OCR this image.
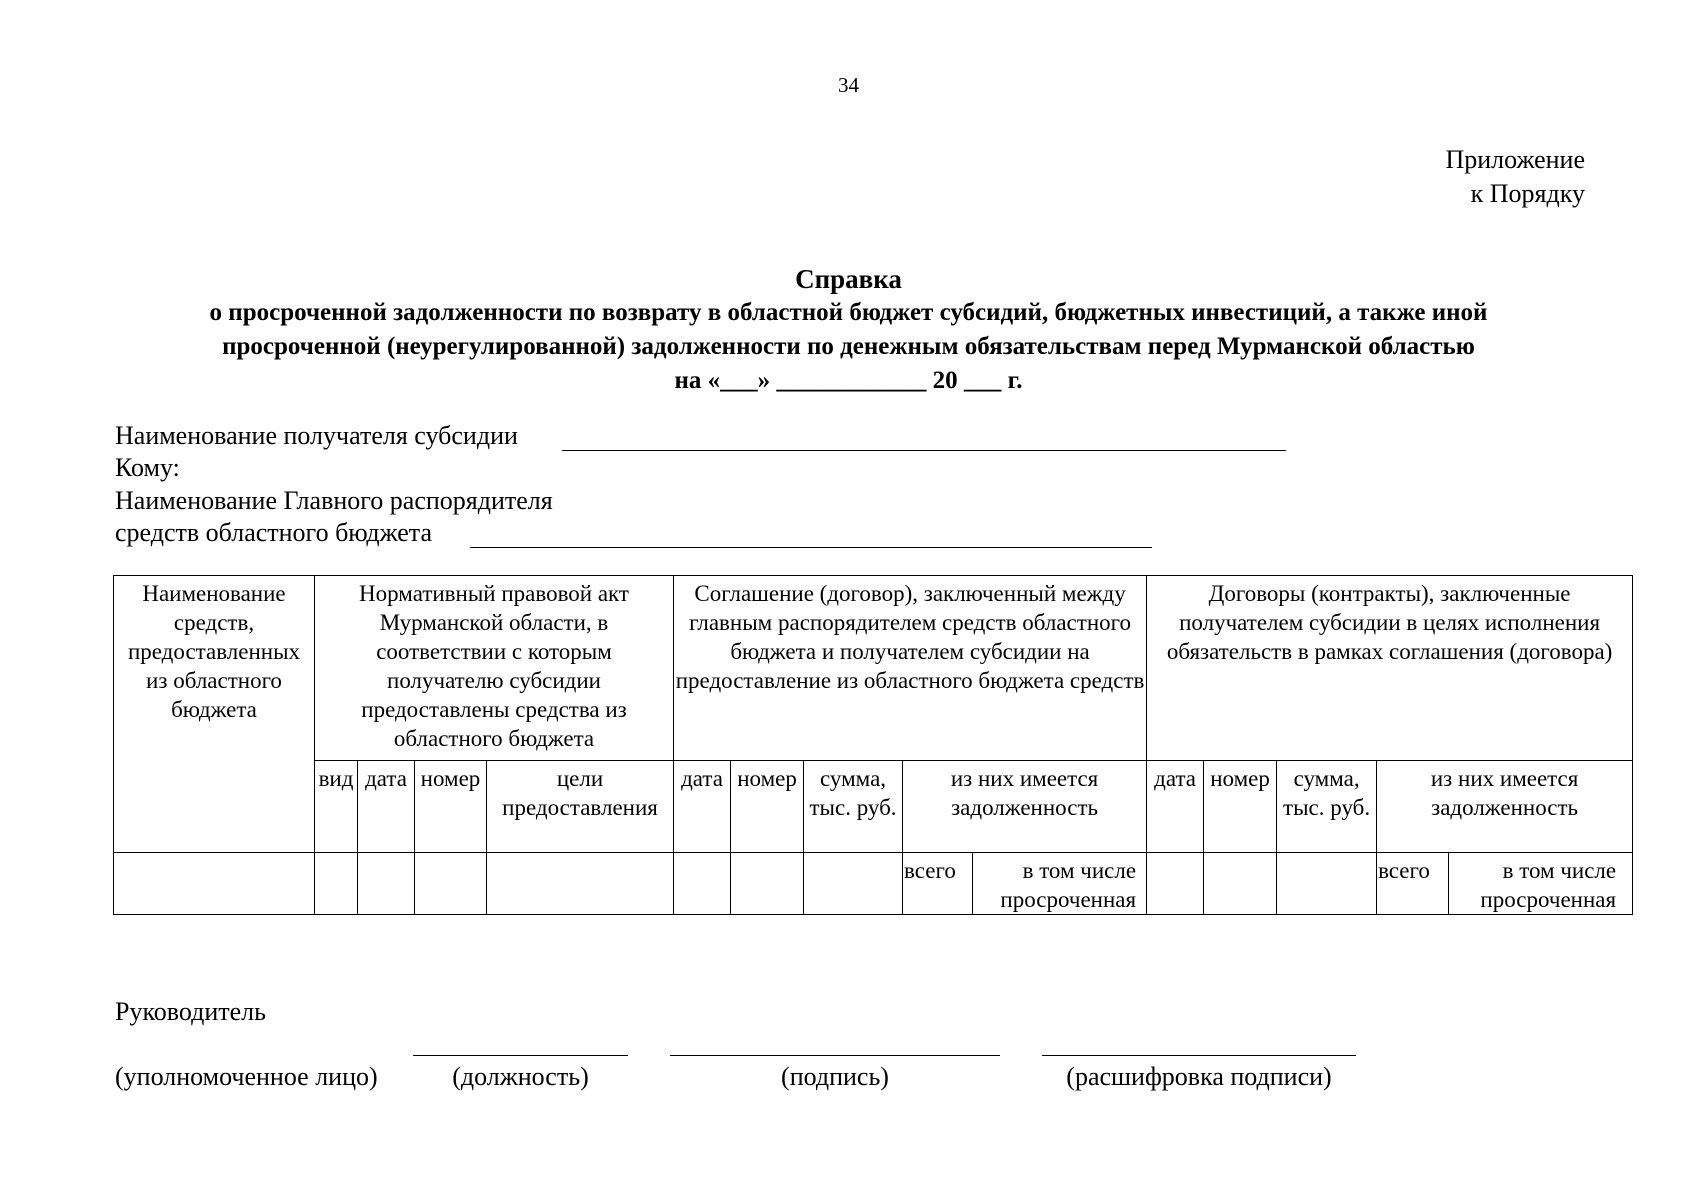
34
Приложение
к Порядку
Справка
о просроченной задолженности по возврату в областной бюджет субсидий, бюджетных инвестиций, а также иной
просроченной (неурегулированной) задолженности по денежным обязательствам перед Мурманской областью
на «___» ____________ 20 ___ г.
Наименование получателя субсидии
Кому:
Наименование Главного распорядителя
средств областного бюджета
Наименование средств, предоставленных из областного бюджета	Нормативный правовой акт Мурманской области, в соответствии с которым получателю субсидии предоставлены средства из областного бюджета				Соглашение (договор), заключенный между главным распорядителем средств областного бюджета и получателем субсидии на предоставление из областного бюджета средств					Договоры (контракты), заключенные получателем субсидии в целях исполнения обязательств в рамках соглашения (договора)				
	вид	дата	номер	цели предоставления	дата	номер	сумма, тыс. руб.	из них имеется задолженность		дата	номер	сумма, тыс. руб.	из них имеется задолженность	
								всего	в том числе просроченная				всего	в том числе просроченная
Руководитель
(уполномоченное лицо)	(должность)	(подпись)	(расшифровка подписи)
